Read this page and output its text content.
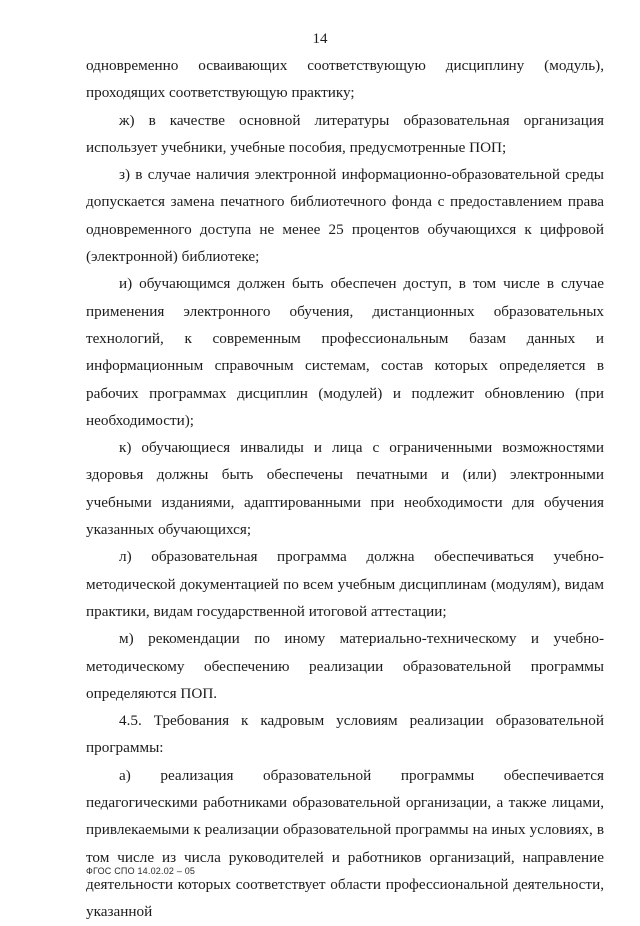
14

одновременно осваивающих соответствующую дисциплину (модуль), проходящих соответствующую практику;

ж) в качестве основной литературы образовательная организация использует учебники, учебные пособия, предусмотренные ПОП;

з) в случае наличия электронной информационно-образовательной среды допускается замена печатного библиотечного фонда с предоставлением права одновременного доступа не менее 25 процентов обучающихся к цифровой (электронной) библиотеке;

и) обучающимся должен быть обеспечен доступ, в том числе в случае применения электронного обучения, дистанционных образовательных технологий, к современным профессиональным базам данных и информационным справочным системам, состав которых определяется в рабочих программах дисциплин (модулей) и подлежит обновлению (при необходимости);

к) обучающиеся инвалиды и лица с ограниченными возможностями здоровья должны быть обеспечены печатными и (или) электронными учебными изданиями, адаптированными при необходимости для обучения указанных обучающихся;

л) образовательная программа должна обеспечиваться учебно-методической документацией по всем учебным дисциплинам (модулям), видам практики, видам государственной итоговой аттестации;

м) рекомендации по иному материально-техническому и учебно-методическому обеспечению реализации образовательной программы определяются ПОП.

4.5. Требования к кадровым условиям реализации образовательной программы:

а) реализация образовательной программы обеспечивается педагогическими работниками образовательной организации, а также лицами, привлекаемыми к реализации образовательной программы на иных условиях, в том числе из числа руководителей и работников организаций, направление деятельности которых соответствует области профессиональной деятельности, указанной

ФГОС СПО 14.02.02 – 05
